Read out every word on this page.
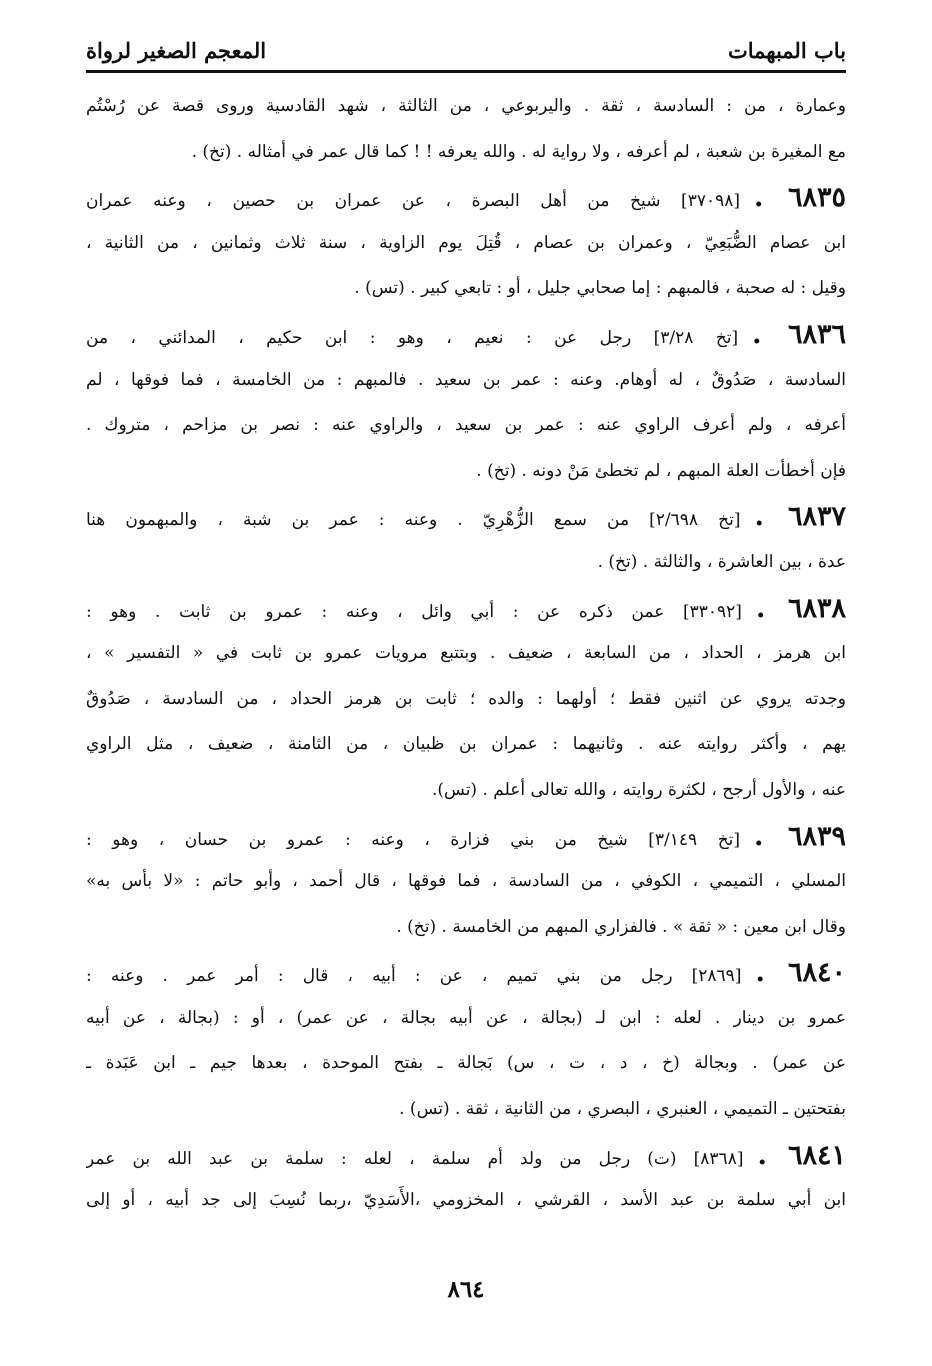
باب المبهمات
المعجم الصغير لرواة
وعمارة ، من : السادسة ، ثقة . واليربوعي ، من الثالثة ، شهد القادسية وروى قصة عن رُسْتُم
مع المغيرة بن شعبة ، لم أعرفه ، ولا رواية له . والله يعرفه ! ! كما قال عمر في أمثاله . (تخ) .
٦٨٣٥ .[٣٧٠٩٨] شيخ من أهل البصرة ، عن عمران بن حصين ، وعنه عمران
ابن عصام الضُّبَعِيّ ، وعمران بن عصام ، قُتِلَ يوم الزاوية ، سنة ثلاث وثمانين ، من الثانية ،
وقيل : له صحبة ، فالمبهم : إما صحابي جليل ، أو : تابعي كبير . (تس) .
٦٨٣٦ .[تخ ٣/٢٨] رجل عن : نعيم ، وهو : ابن حكيم ، المدائني ، من
السادسة ، صَدُوقٌ ، له أوهام. وعنه : عمر بن سعيد . فالمبهم : من الخامسة ، فما فوقها ، لم
أعرفه ، ولم أعرف الراوي عنه : عمر بن سعيد ، والراوي عنه : نصر بن مزاحم ، متروك .
فإن أخطأت العلة المبهم ، لم تخطئ مَنْ دونه . (تخ) .
٦٨٣٧ .[تخ ٢/٦٩٨] من سمع الزُّهْرِيّ . وعنه : عمر بن شبة ، والمبهمون هنا
عدة ، بين العاشرة ، والثالثة . (تخ) .
٦٨٣٨ .[٣٣٠٩٢] عمن ذكره عن : أبي وائل ، وعنه : عمرو بن ثابت . وهو :
ابن هرمز ، الحداد ، من السابعة ، ضعيف . وبتتبع مرويات عمرو بن ثابت في « التفسير » ،
وجدته يروي عن اثنين فقط ؛ أولهما : والده ؛ ثابت بن هرمز الحداد ، من السادسة ، صَدُوقٌ
يهم ، وأكثر روايته عنه . وثانيهما : عمران بن ظبيان ، من الثامنة ، ضعيف ، مثل الراوي
عنه ، والأول أرجح ، لكثرة روايته ، والله تعالى أعلم . (تس).
٦٨٣٩ .[تخ ٣/١٤٩] شيخ من بني فزارة ، وعنه : عمرو بن حسان ، وهو :
المسلي ، التميمي ، الكوفي ، من السادسة ، فما فوقها ، قال أحمد ، وأبو حاتم : «لا بأس به»
وقال ابن معين : « ثقة » . فالفزاري المبهم من الخامسة . (تخ) .
٦٨٤٠ .[٢٨٦٩] رجل من بني تميم ، عن : أبيه ، قال : أمر عمر . وعنه :
عمرو بن دينار . لعله : ابن لـ (بجالة ، عن أبيه بجالة ، عن عمر) ، أو : (بجالة ، عن أبيه
عن عمر) . وبجالة (خ ، د ، ت ، س) بَجالة ـ بفتح الموحدة ، بعدها جيم ـ ابن عَبَدة ـ
بفتحتين ـ التميمي ، العنبري ، البصري ، من الثانية ، ثقة . (تس) .
٦٨٤١ .[٨٣٦٨] (ت) رجل من ولد أم سلمة ، لعله : سلمة بن عبد الله بن عمر
ابن أبي سلمة بن عبد الأسد ، القرشي ، المخزومي ،الأَسَدِيّ ،ربما نُسِبَ إلى جد أبيه ، أو إلى
٨٦٤
